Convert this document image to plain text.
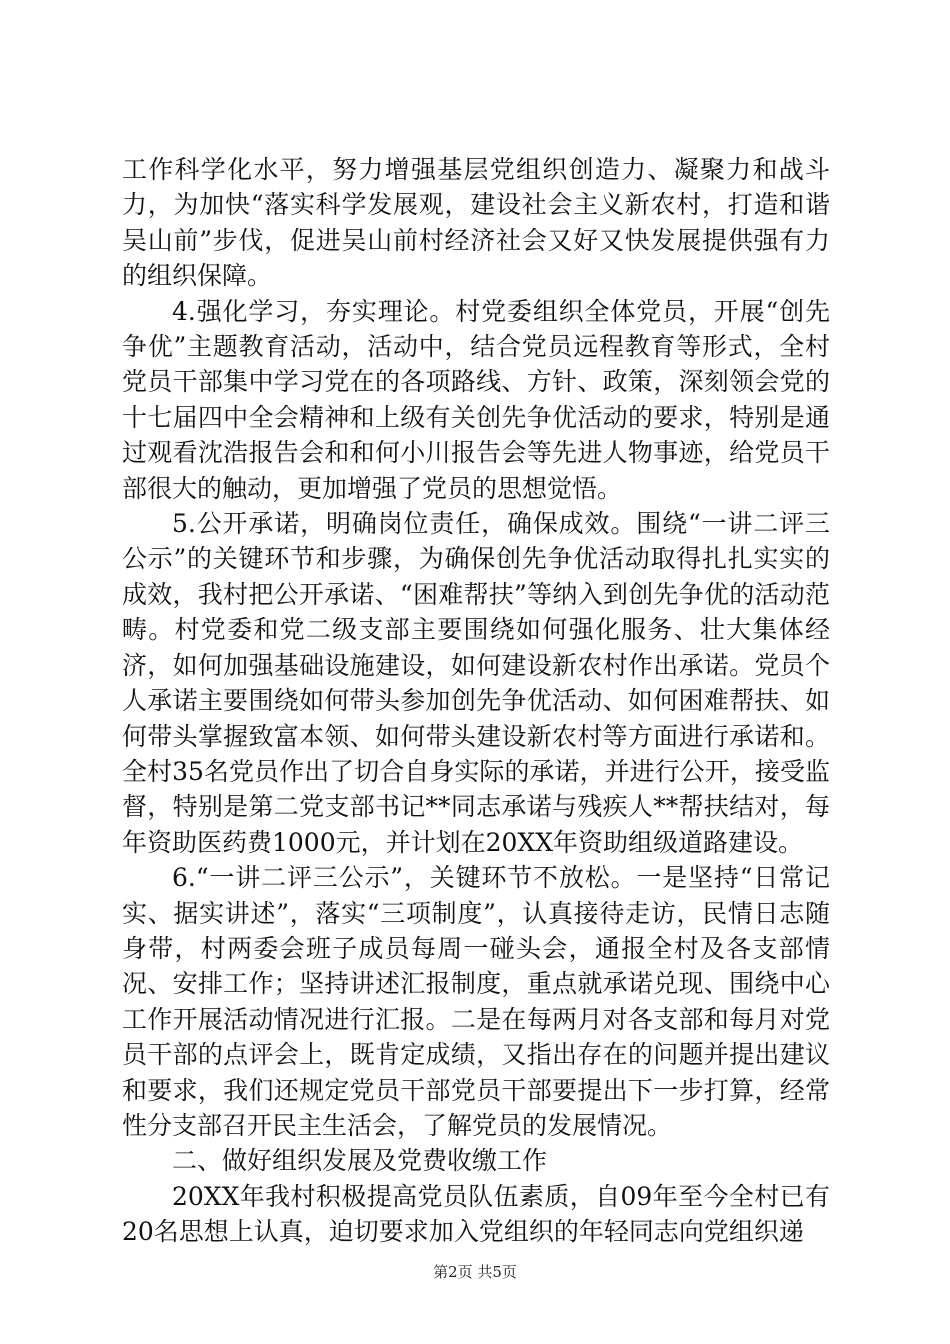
工作科学化水平，努力增强基层党组织创造力、凝聚力和战斗力，为加快“落实科学发展观，建设社会主义新农村，打造和谐吴山前”步伐，促进吴山前村经济社会又好又快发展提供强有力的组织保障。

4.强化学习，夯实理论。村党委组织全体党员，开展“创先争优”主题教育活动，活动中，结合党员远程教育等形式，全村党员干部集中学习党在的各项路线、方针、政策，深刻领会党的十七届四中全会精神和上级有关创先争优活动的要求，特别是通过观看沈浩报告会和和何小川报告会等先进人物事迹，给党员干部很大的触动，更加增强了党员的思想觉悟。

5.公开承诺，明确岗位责任，确保成效。围绕“一讲二评三公示”的关键环节和步骤，为确保创先争优活动取得扎扎实实的成效，我村把公开承诺、“困难帮扶”等纳入到创先争优的活动范畴。村党委和党二级支部主要围绕如何强化服务、壮大集体经济，如何加强基础设施建设，如何建设新农村作出承诺。党员个人承诺主要围绕如何带头参加创先争优活动、如何困难帮扶、如何带头掌握致富本领、如何带头建设新农村等方面进行承诺和。全村35名党员作出了切合自身实际的承诺，并进行公开，接受监督，特别是第二党支部书记**同志承诺与残疾人**帮扶结对，每年资助医药费1000元，并计划在20XX年资助组级道路建设。

6.“一讲二评三公示”，关键环节不放松。一是坚持“日常记实、据实讲述”，落实“三项制度”，认真接待走访，民情日志随身带，村两委会班子成员每周一碰头会，通报全村及各支部情况、安排工作；坚持讲述汇报制度，重点就承诺兑现、围绕中心工作开展活动情况进行汇报。二是在每两月对各支部和每月对党员干部的点评会上，既肯定成绩，又指出存在的问题并提出建议和要求，我们还规定党员干部党员干部要提出下一步打算，经常性分支部召开民主生活会，了解党员的发展情况。

二、做好组织发展及党费收缴工作

20XX年我村积极提高党员队伍素质，自09年至今全村已有20名思想上认真，迫切要求加入党组织的年轻同志向党组织递

第2页 共5页
